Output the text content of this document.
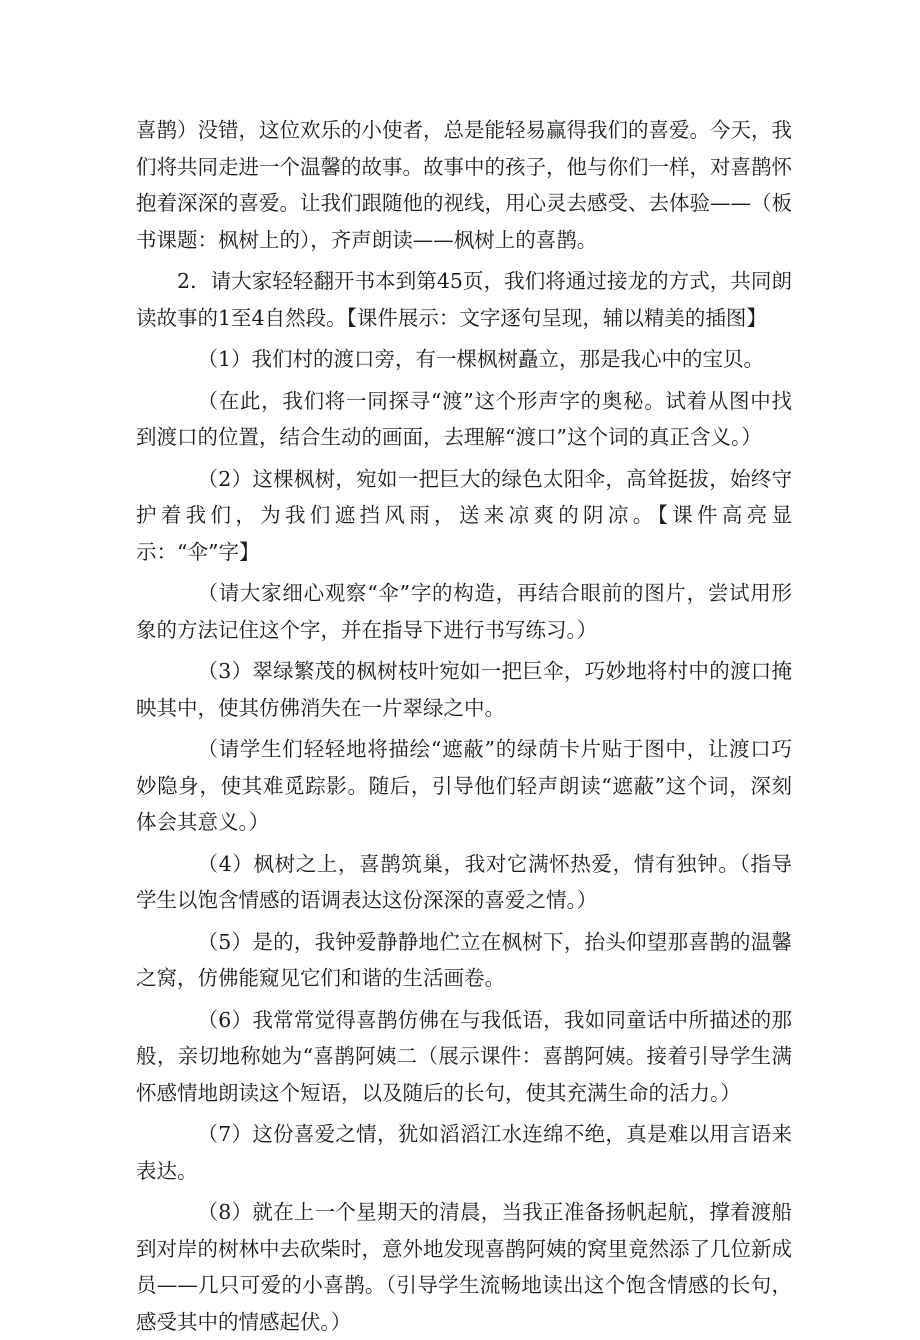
喜鹊）没错，这位欢乐的小使者，总是能轻易赢得我们的喜爱。今天，我们将共同走进一个温馨的故事。故事中的孩子，他与你们一样，对喜鹊怀抱着深深的喜爱。让我们跟随他的视线，用心灵去感受、去体验——（板书课题：枫树上的），齐声朗读——枫树上的喜鹊。

2．请大家轻轻翻开书本到第45页，我们将通过接龙的方式，共同朗读故事的1至4自然段。【课件展示：文字逐句呈现，辅以精美的插图】

（1）我们村的渡口旁，有一棵枫树矗立，那是我心中的宝贝。

（在此，我们将一同探寻“渡”这个形声字的奥秘。试着从图中找到渡口的位置，结合生动的画面，去理解“渡口”这个词的真正含义。）

（2）这棵枫树，宛如一把巨大的绿色太阳伞，高耸挺拔，始终守护着我们，为我们遮挡风雨，送来凉爽的阴凉。【课件高亮显示：“伞”字】

（请大家细心观察“伞”字的构造，再结合眼前的图片，尝试用形象的方法记住这个字，并在指导下进行书写练习。）

（3）翠绿繁茂的枫树枝叶宛如一把巨伞，巧妙地将村中的渡口掩映其中，使其仿佛消失在一片翠绿之中。

（请学生们轻轻地将描绘“遮蔽”的绿荫卡片贴于图中，让渡口巧妙隐身，使其难觅踪影。随后，引导他们轻声朗读“遮蔽”这个词，深刻体会其意义。）

（4）枫树之上，喜鹊筑巢，我对它满怀热爱，情有独钟。（指导学生以饱含情感的语调表达这份深深的喜爱之情。）

（5）是的，我钟爱静静地伫立在枫树下，抬头仰望那喜鹊的温馨之窝，仿佛能窥见它们和谐的生活画卷。

（6）我常常觉得喜鹊仿佛在与我低语，我如同童话中所描述的那般，亲切地称她为“喜鹊阿姨二（展示课件：喜鹊阿姨。接着引导学生满怀感情地朗读这个短语，以及随后的长句，使其充满生命的活力。）

（7）这份喜爱之情，犹如滔滔江水连绵不绝，真是难以用言语来表达。

（8）就在上一个星期天的清晨，当我正准备扬帆起航，撑着渡船到对岸的树林中去砍柴时，意外地发现喜鹊阿姨的窝里竟然添了几位新成员——几只可爱的小喜鹊。（引导学生流畅地读出这个饱含情感的长句，感受其中的情感起伏。）
